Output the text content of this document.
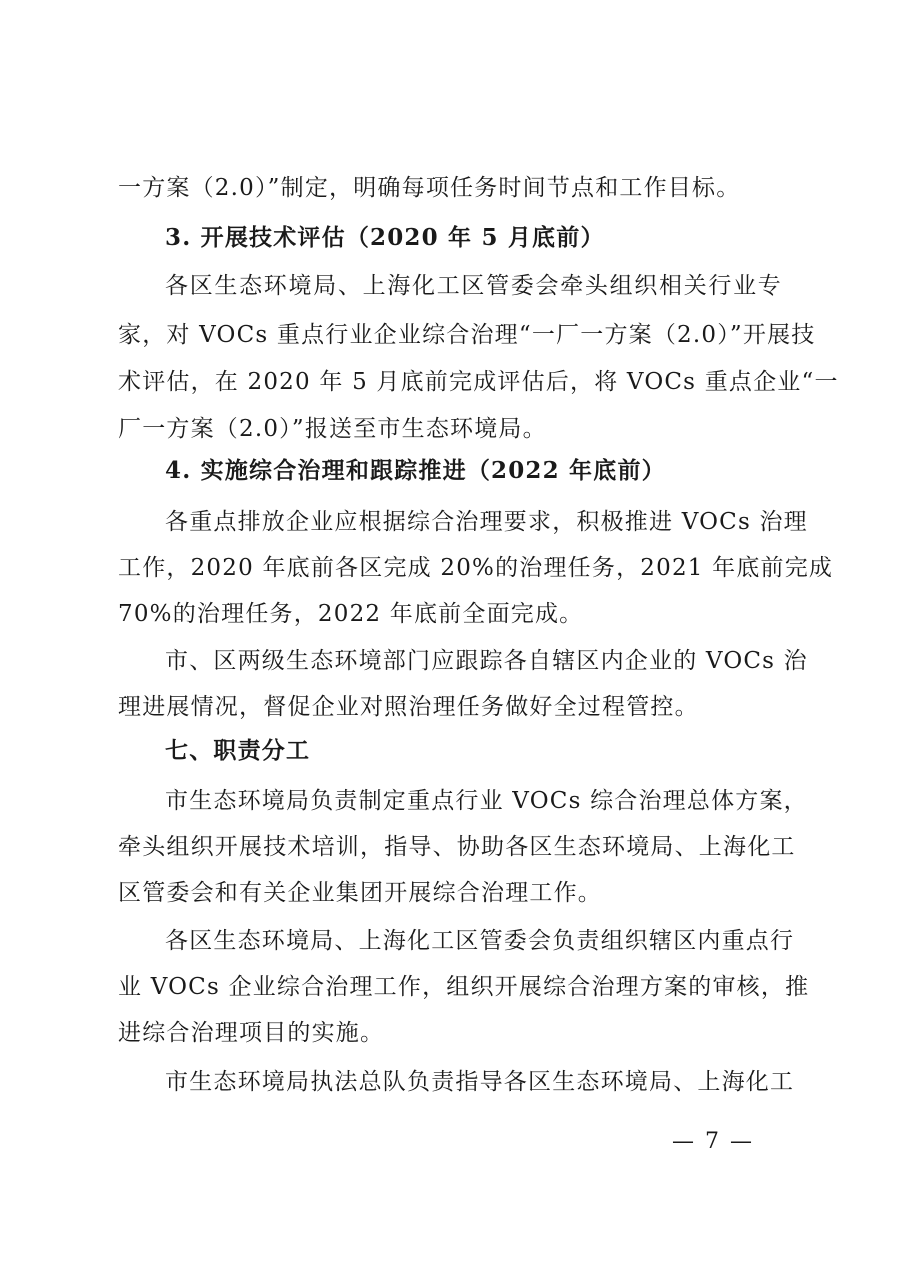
一方案（2.0）”制定，明确每项任务时间节点和工作目标。
3. 开展技术评估（2020 年 5 月底前）
各区生态环境局、上海化工区管委会牵头组织相关行业专
家，对 VOCs 重点行业企业综合治理“一厂一方案（2.0）”开展技
术评估，在 2020 年 5 月底前完成评估后，将 VOCs 重点企业“一
厂一方案（2.0）”报送至市生态环境局。
4. 实施综合治理和跟踪推进（2022 年底前）
各重点排放企业应根据综合治理要求，积极推进 VOCs 治理
工作，2020 年底前各区完成 20%的治理任务，2021 年底前完成
70%的治理任务，2022 年底前全面完成。
市、区两级生态环境部门应跟踪各自辖区内企业的 VOCs 治
理进展情况，督促企业对照治理任务做好全过程管控。
七、职责分工
市生态环境局负责制定重点行业 VOCs 综合治理总体方案，
牵头组织开展技术培训，指导、协助各区生态环境局、上海化工
区管委会和有关企业集团开展综合治理工作。
各区生态环境局、上海化工区管委会负责组织辖区内重点行
业 VOCs 企业综合治理工作，组织开展综合治理方案的审核，推
进综合治理项目的实施。
市生态环境局执法总队负责指导各区生态环境局、上海化工
— 7 —
